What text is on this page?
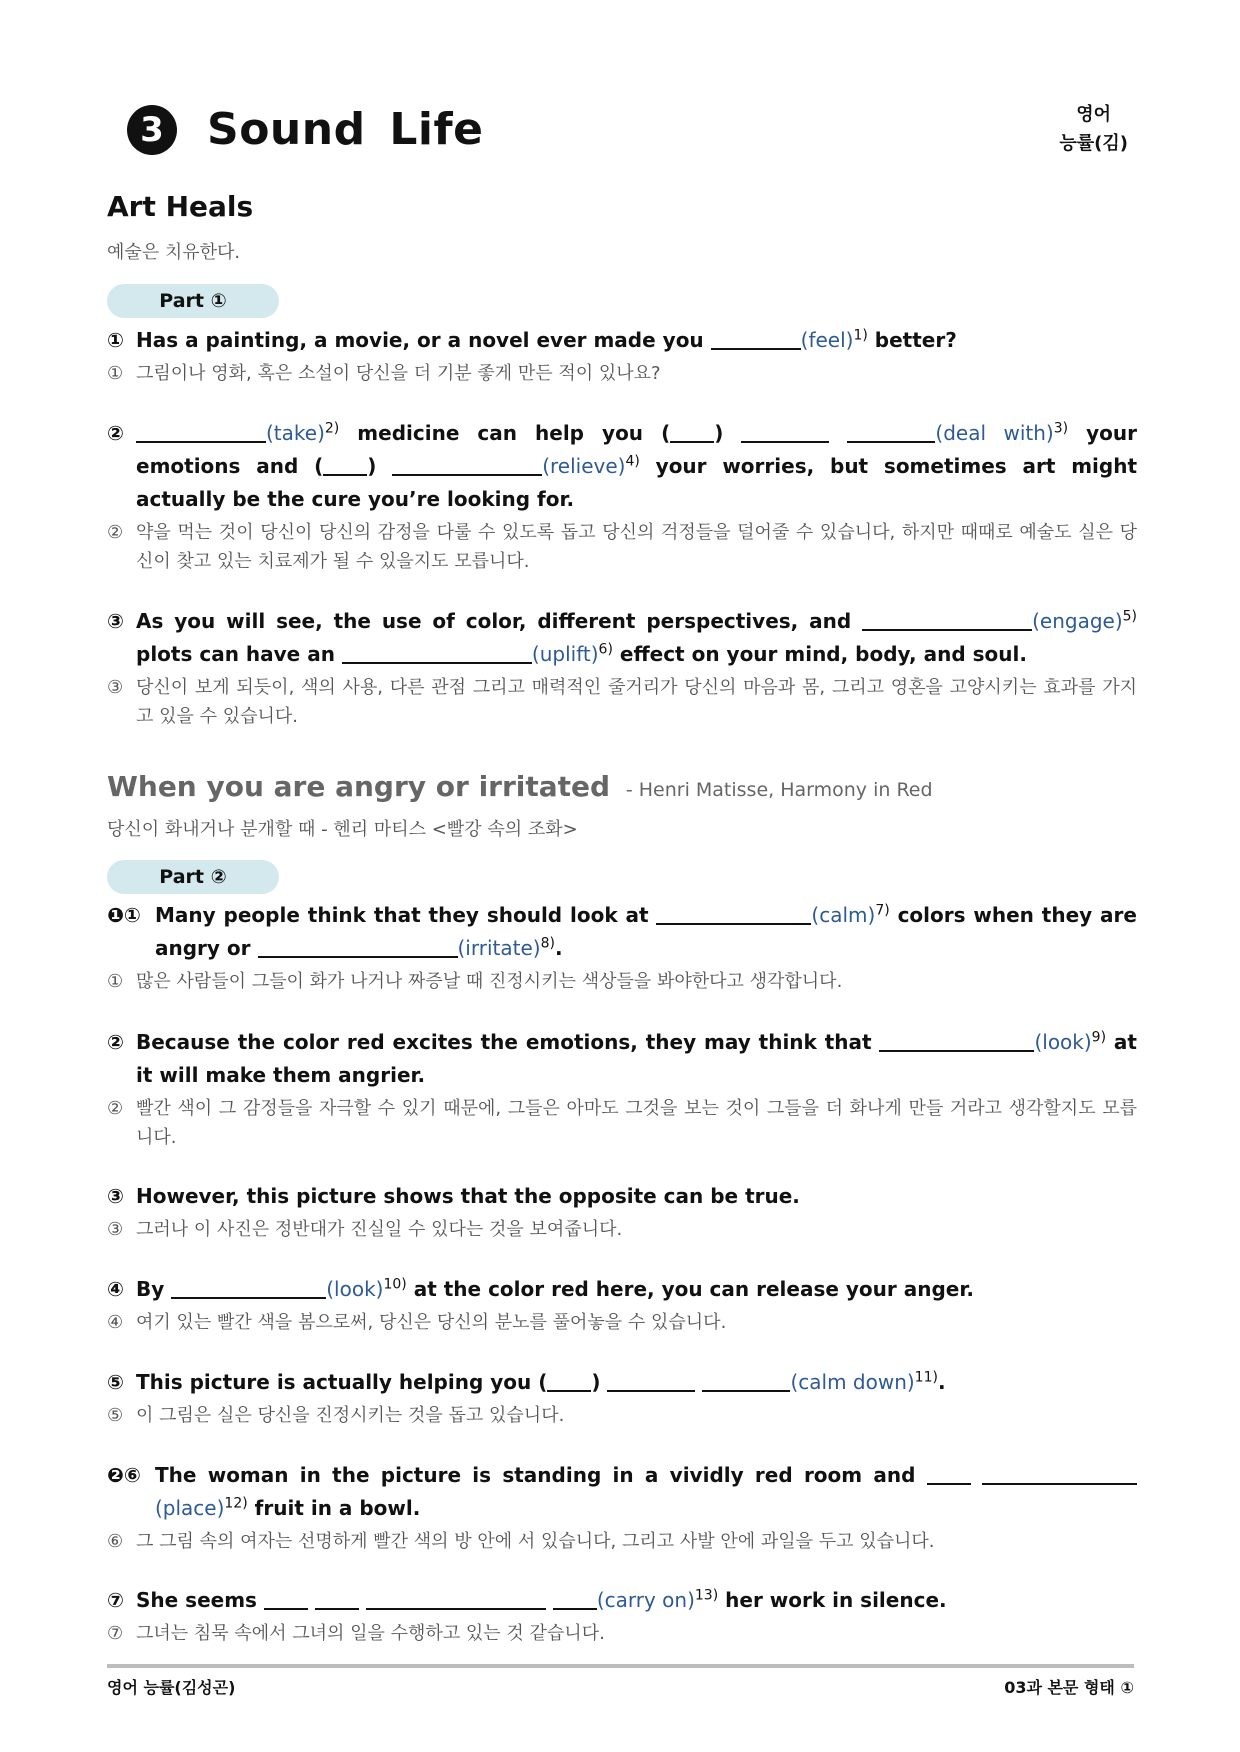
3 Sound Life	영어
능률(김)
Art Heals
예술은 치유한다.
Part ①
① Has a painting, a movie, or a novel ever made you	(feel)$^{1)}$ better?
① 그림이나 영화, 혹은 소설이 당신을 더 기분 좋게 만든 적이 있나요?
②	(take)$^{2)}$ medicine can help you ( )	(deal with)$^{3)}$ your emotions and ( )	(relieve)$^{4)}$ your worries, but sometimes art might actually be the cure you’re looking for.
② 약을 먹는 것이 당신이 당신의 감정을 다룰 수 있도록 돕고 당신의 걱정들을 덜어줄 수 있습니다, 하지만 때때로 예술도 실은 당신이 찾고 있는 치료제가 될 수 있을지도 모릅니다.
③ As you will see, the use of color, different perspectives, and	(engage)$^{5)}$ plots can have an	(uplift)$^{6)}$ effect on your mind, body, and soul.
③ 당신이 보게 되듯이, 색의 사용, 다른 관점 그리고 매력적인 줄거리가 당신의 마음과 몸, 그리고 영혼을 고양시키는 효과를 가지고 있을 수 있습니다.
When you are angry or irritated - Henri Matisse, Harmony in Red
당신이 화내거나 분개할 때 - 헨리 마티스 <빨강 속의 조화>
Part ②
❶① Many people think that they should look at	(calm)$^{7)}$ colors when they are angry or	(irritate)$^{8)}$.
① 많은 사람들이 그들이 화가 나거나 짜증날 때 진정시키는 색상들을 봐야한다고 생각합니다.
② Because the color red excites the emotions, they may think that	(look)$^{9)}$ at it will make them angrier.
② 빨간 색이 그 감정들을 자극할 수 있기 때문에, 그들은 아마도 그것을 보는 것이 그들을 더 화나게 만들 거라고 생각할지도 모릅니다.
③ However, this picture shows that the opposite can be true.
③ 그러나 이 사진은 정반대가 진실일 수 있다는 것을 보여줍니다.
④ By	(look)$^{10)}$ at the color red here, you can release your anger.
④ 여기 있는 빨간 색을 봄으로써, 당신은 당신의 분노를 풀어놓을 수 있습니다.
⑤ This picture is actually helping you ( )	(calm down)$^{11)}$.
⑤ 이 그림은 실은 당신을 진정시키는 것을 돕고 있습니다.
❷⑥ The woman in the picture is standing in a vividly red room and  (place)$^{12)}$ fruit in a bowl.
⑥ 그 그림 속의 여자는 선명하게 빨간 색의 방 안에 서 있습니다, 그리고 사발 안에 과일을 두고 있습니다.
⑦ She seems	(carry on)$^{13)}$ her work in silence.
⑦ 그녀는 침묵 속에서 그녀의 일을 수행하고 있는 것 같습니다.
영어 능률(김성곤)	03과 본문 형태 ①
